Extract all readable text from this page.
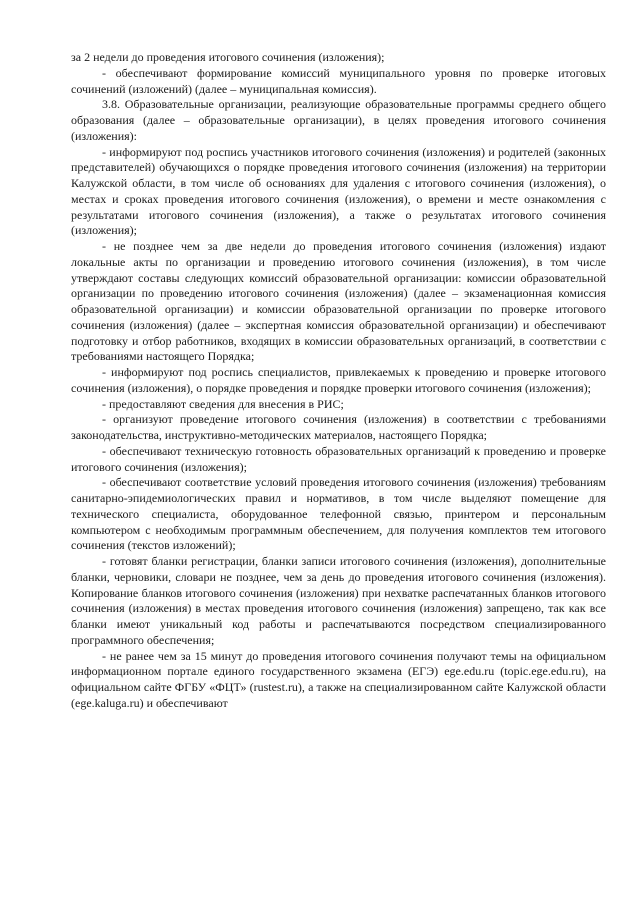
за 2 недели до проведения итогового сочинения (изложения);

- обеспечивают формирование комиссий муниципального уровня по проверке итоговых сочинений (изложений) (далее – муниципальная комиссия).

3.8. Образовательные организации, реализующие образовательные программы среднего общего образования (далее – образовательные организации), в целях проведения итогового сочинения (изложения):

- информируют под роспись участников итогового сочинения (изложения) и родителей (законных представителей) обучающихся о порядке проведения итогового сочинения (изложения) на территории Калужской области, в том числе об основаниях для удаления с итогового сочинения (изложения), о местах и сроках проведения итогового сочинения (изложения), о времени и месте ознакомления с результатами итогового сочинения (изложения), а также о результатах итогового сочинения (изложения);

- не позднее чем за две недели до проведения итогового сочинения (изложения) издают локальные акты по организации и проведению итогового сочинения (изложения), в том числе утверждают составы следующих комиссий образовательной организации: комиссии образовательной организации по проведению итогового сочинения (изложения) (далее – экзаменационная комиссия образовательной организации) и комиссии образовательной организации по проверке итогового сочинения (изложения) (далее – экспертная комиссия образовательной организации) и обеспечивают подготовку и отбор работников, входящих в комиссии образовательных организаций, в соответствии с требованиями настоящего Порядка;

- информируют под роспись специалистов, привлекаемых к проведению и проверке итогового сочинения (изложения), о порядке проведения и порядке проверки итогового сочинения (изложения);

- предоставляют сведения для внесения в РИС;

- организуют проведение итогового сочинения (изложения) в соответствии с требованиями законодательства, инструктивно-методических материалов, настоящего Порядка;

- обеспечивают техническую готовность образовательных организаций к проведению и проверке итогового сочинения (изложения);

- обеспечивают соответствие условий проведения итогового сочинения (изложения) требованиям санитарно-эпидемиологических правил и нормативов, в том числе выделяют помещение для технического специалиста, оборудованное телефонной связью, принтером и персональным компьютером с необходимым программным обеспечением, для получения комплектов тем итогового сочинения (текстов изложений);

- готовят бланки регистрации, бланки записи итогового сочинения (изложения), дополнительные бланки, черновики, словари не позднее, чем за день до проведения итогового сочинения (изложения). Копирование бланков итогового сочинения (изложения) при нехватке распечатанных бланков итогового сочинения (изложения) в местах проведения итогового сочинения (изложения) запрещено, так как все бланки имеют уникальный код работы и распечатываются посредством специализированного программного обеспечения;

- не ранее чем за 15 минут до проведения итогового сочинения получают темы на официальном информационном портале единого государственного экзамена (ЕГЭ) ege.edu.ru (topic.ege.edu.ru), на официальном сайте ФГБУ «ФЦТ» (rustest.ru), а также на специализированном сайте Калужской области (ege.kaluga.ru) и обеспечивают
